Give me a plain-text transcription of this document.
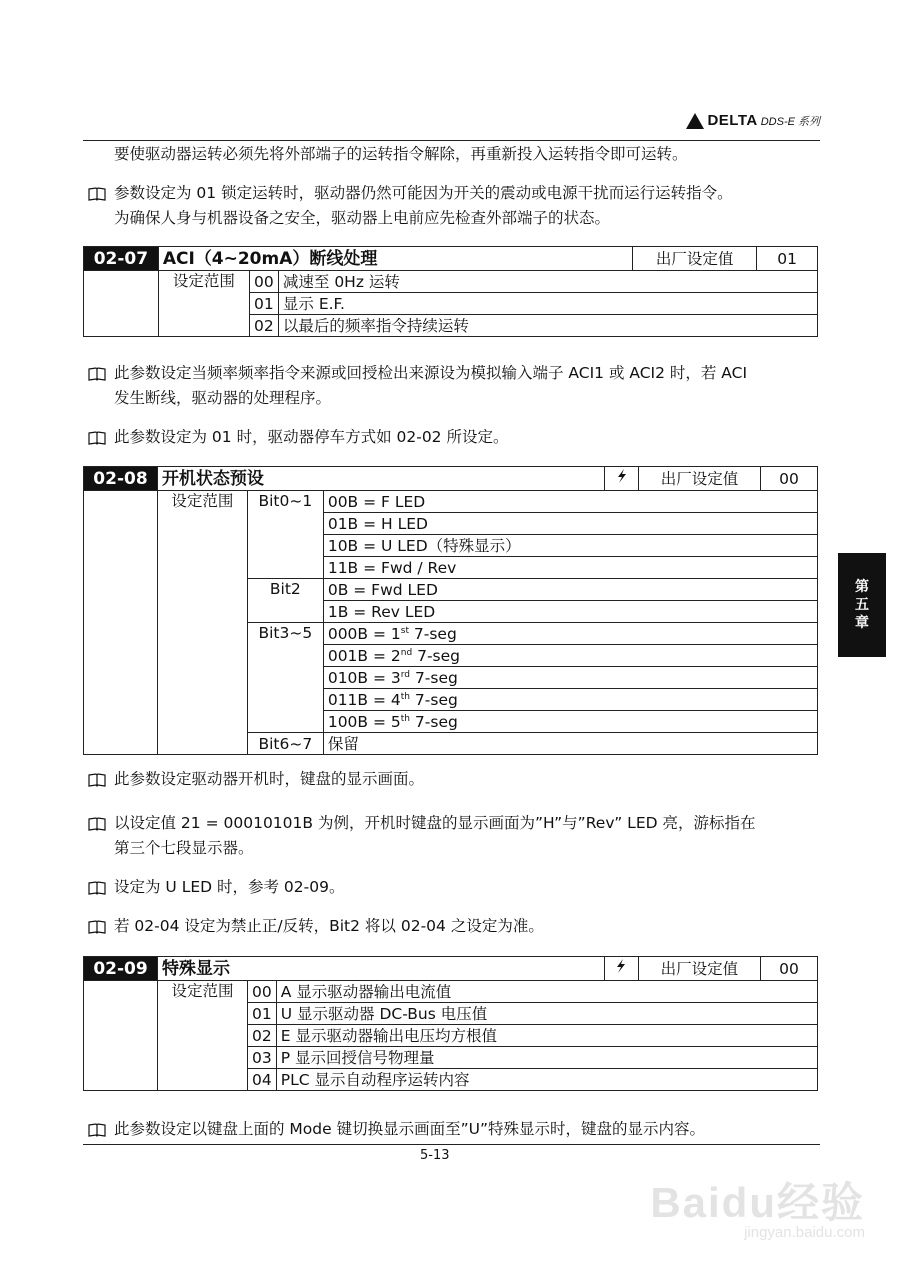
DELTA DDS-E 系列
要使驱动器运转必须先将外部端子的运转指令解除，再重新投入运转指令即可运转。
参数设定为 01 锁定运转时，驱动器仍然可能因为开关的震动或电源干扰而运行运转指令。
为确保人身与机器设备之安全，驱动器上电前应先检查外部端子的状态。
02-07	ACI（4~20mA）断线处理			出厂设定值	01
	设定范围	00	减速至 0Hz 运转		
		01	显示 E.F.		
		02	以最后的频率指令持续运转		
此参数设定当频率频率指令来源或回授检出来源设为模拟输入端子 ACI1 或 ACI2 时，若 ACI
发生断线，驱动器的处理程序。
此参数设定为 01 时，驱动器停车方式如 02-02 所设定。
02-08	开机状态预设				出厂设定值	00
	设定范围	Bit0~1	00B = F LED			
			01B = H LED			
			10B = U LED（特殊显示）			
			11B = Fwd / Rev			
		Bit2	0B = Fwd LED			
			1B = Rev LED			
		Bit3~5	000B = 1st 7-seg			
			001B = 2nd 7-seg			
			010B = 3rd 7-seg			
			011B = 4th 7-seg			
			100B = 5th 7-seg			
		Bit6~7	保留			
此参数设定驱动器开机时，键盘的显示画面。
以设定值 21 = 00010101B 为例，开机时键盘的显示画面为”H”与”Rev” LED 亮，游标指在
第三个七段显示器。
设定为 U LED 时，参考 02-09。
若 02-04 设定为禁止正/反转，Bit2 将以 02-04 之设定为准。
02-09	特殊显示				出厂设定值	00
	设定范围	00	A 显示驱动器输出电流值			
		01	U 显示驱动器 DC-Bus 电压值			
		02	E 显示驱动器输出电压均方根值			
		03	P 显示回授信号物理量			
		04	PLC 显示自动程序运转内容			
此参数设定以键盘上面的 Mode 键切换显示画面至”U”特殊显示时，键盘的显示内容。
第
五
章
5-13
Baidu经验
jingyan.baidu.com
